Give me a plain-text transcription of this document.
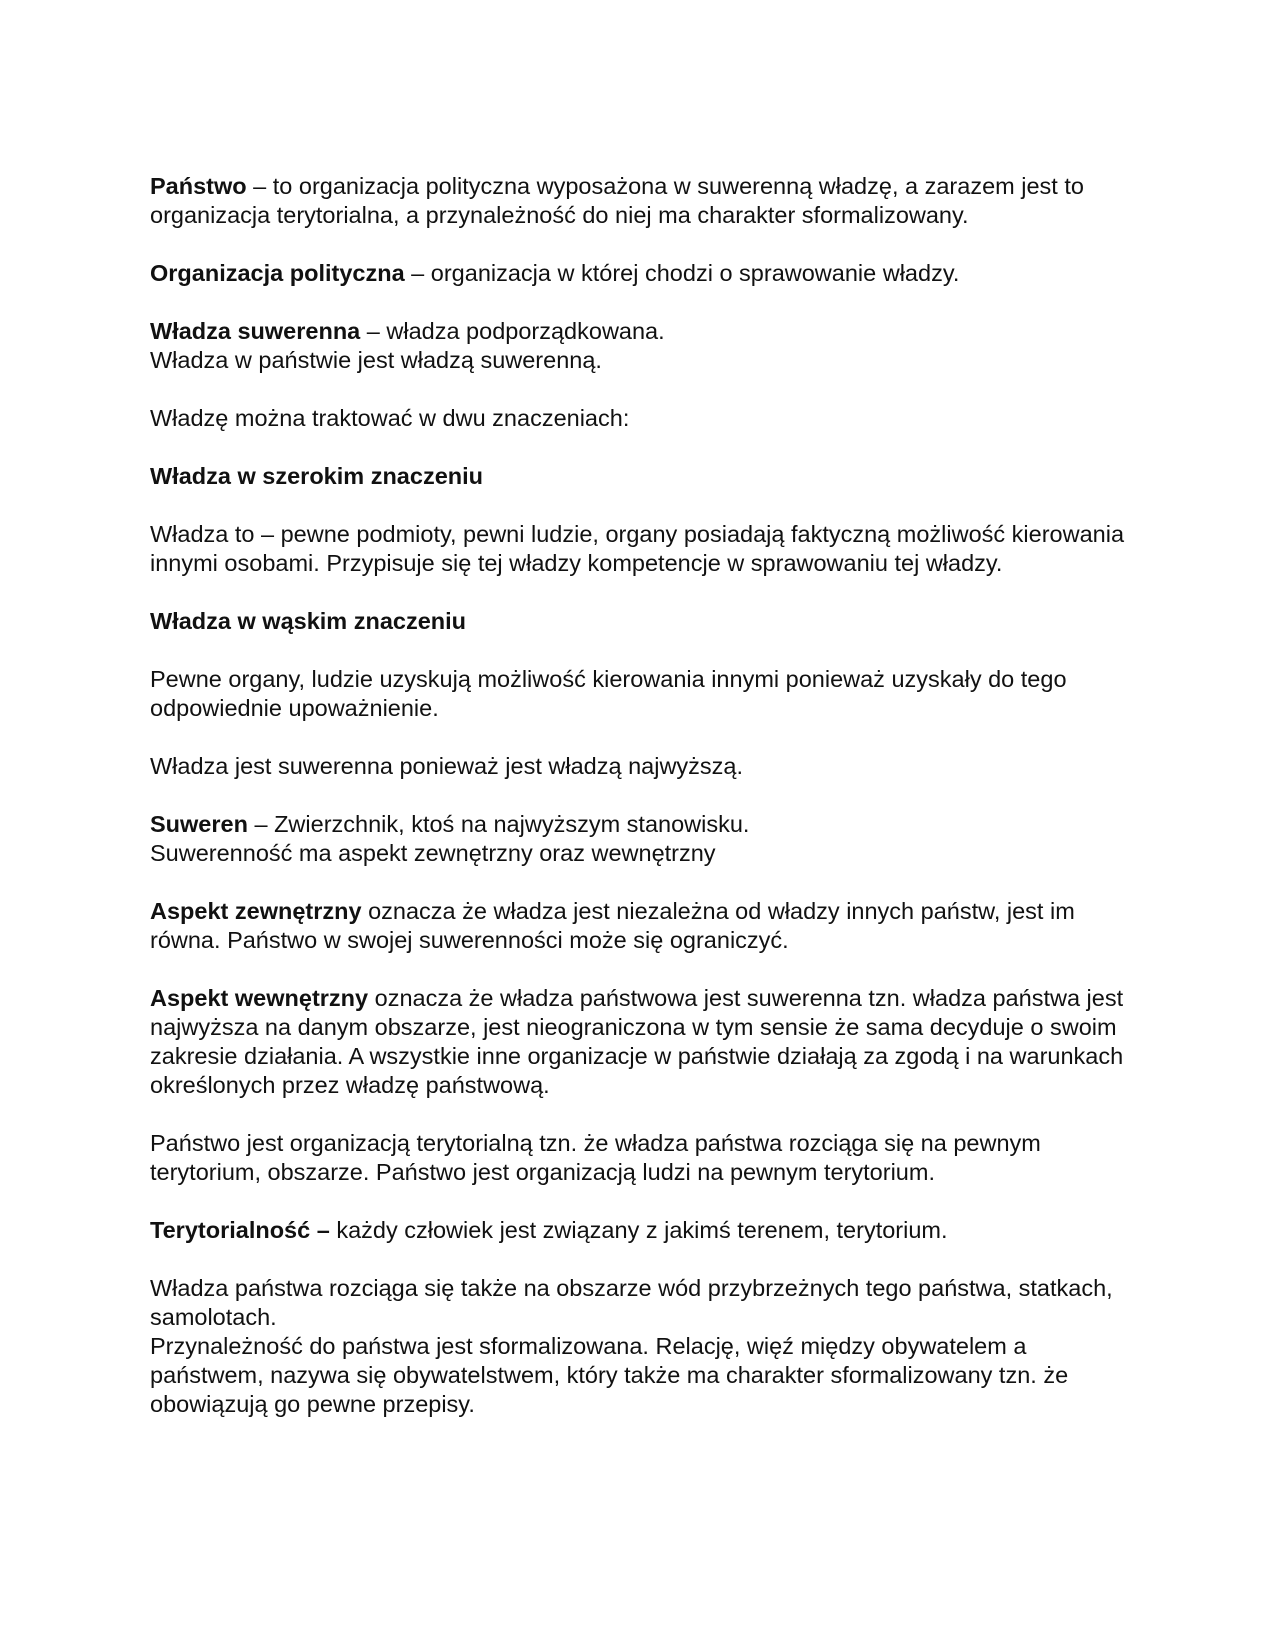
Państwo – to organizacja polityczna wyposażona w suwerenną władzę, a zarazem jest to organizacja terytorialna, a przynależność do niej ma charakter sformalizowany.

Organizacja polityczna – organizacja w której chodzi o sprawowanie władzy.

Władza suwerenna – władza podporządkowana.

Władza w państwie jest władzą suwerenną.

Władzę można traktować w dwu znaczeniach:

Władza w szerokim znaczeniu

Władza to – pewne podmioty, pewni ludzie, organy posiadają faktyczną możliwość kierowania innymi osobami. Przypisuje się tej władzy kompetencje w sprawowaniu tej władzy.

Władza w wąskim znaczeniu

Pewne organy, ludzie uzyskują możliwość kierowania innymi ponieważ uzyskały do tego odpowiednie upoważnienie.

Władza jest suwerenna ponieważ jest władzą najwyższą.

Suweren – Zwierzchnik, ktoś na najwyższym stanowisku.

Suwerenność ma aspekt zewnętrzny oraz wewnętrzny

Aspekt zewnętrzny oznacza że władza jest niezależna od władzy innych państw, jest im równa. Państwo w swojej suwerenności może się ograniczyć.

Aspekt wewnętrzny oznacza że władza państwowa jest suwerenna tzn. władza państwa jest najwyższa na danym obszarze, jest nieograniczona w tym sensie że sama decyduje o swoim zakresie działania. A wszystkie inne organizacje w państwie działają za zgodą i na warunkach określonych przez władzę państwową.

Państwo jest organizacją terytorialną tzn. że władza państwa rozciąga się na pewnym terytorium, obszarze. Państwo jest organizacją ludzi na pewnym terytorium.

Terytorialność – każdy człowiek jest związany z jakimś terenem, terytorium.

Władza państwa rozciąga się także na obszarze wód przybrzeżnych tego państwa, statkach, samolotach.

Przynależność do państwa jest sformalizowana. Relację, więź między obywatelem a państwem, nazywa się obywatelstwem, który także ma charakter sformalizowany tzn. że obowiązują go pewne przepisy.
